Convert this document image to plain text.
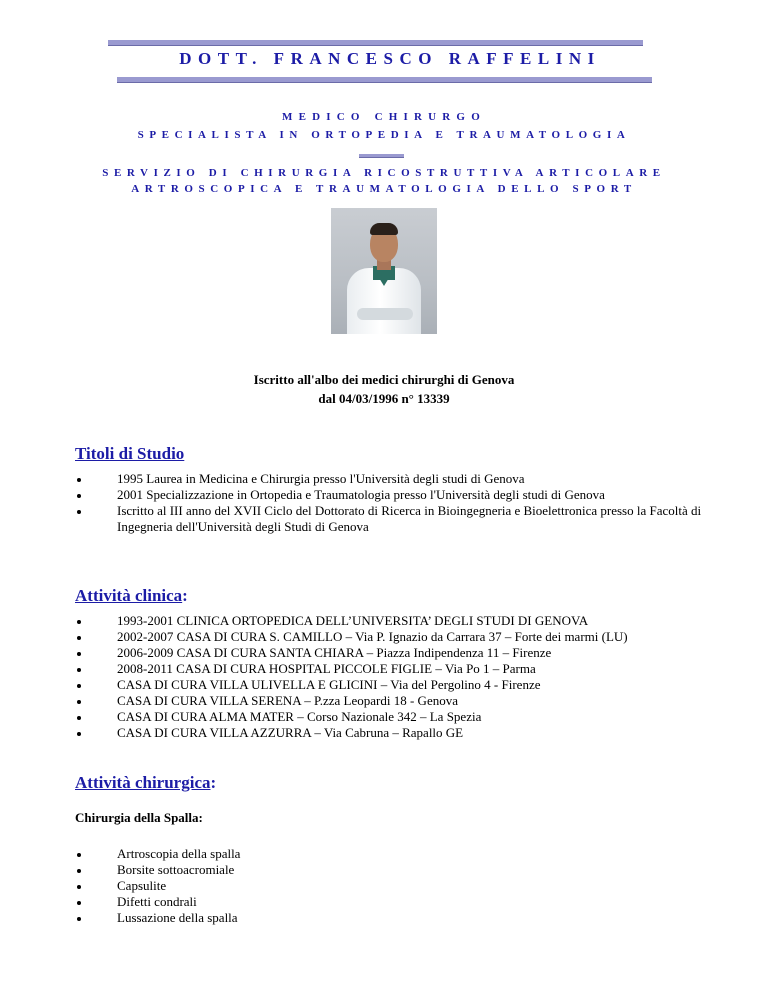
DOTT. FRANCESCO RAFFELINI
MEDICO CHIRURGO
SPECIALISTA IN ORTOPEDIA E TRAUMATOLOGIA
SERVIZIO DI CHIRURGIA RICOSTRUTTIVA ARTICOLARE
ARTROSCOPICA E TRAUMATOLOGIA DELLO SPORT
Iscritto all'albo dei medici chirurghi di Genova
dal 04/03/1996 n° 13339
Titoli di Studio
1995 Laurea in Medicina e Chirurgia presso l'Università degli studi di Genova
2001 Specializzazione in Ortopedia e Traumatologia presso l'Università degli studi di Genova
Iscritto al III anno del XVII Ciclo del Dottorato di Ricerca in Bioingegneria e Bioelettronica presso la Facoltà di Ingegneria dell'Università degli Studi di Genova
Attività clinica:
1993-2001 CLINICA ORTOPEDICA DELL’UNIVERSITA’ DEGLI STUDI DI GENOVA
2002-2007 CASA DI CURA S. CAMILLO – Via P. Ignazio da Carrara 37 – Forte dei marmi (LU)
2006-2009 CASA DI CURA SANTA CHIARA – Piazza Indipendenza 11 – Firenze
2008-2011 CASA DI CURA HOSPITAL PICCOLE FIGLIE – Via Po 1 – Parma
CASA DI CURA VILLA ULIVELLA E GLICINI – Via del Pergolino 4 - Firenze
CASA DI CURA VILLA SERENA – P.zza Leopardi 18 - Genova
CASA DI CURA ALMA MATER – Corso Nazionale 342 – La Spezia
CASA DI CURA VILLA AZZURRA – Via Cabruna – Rapallo GE
Attività chirurgica:
Chirurgia della Spalla:
Artroscopia della spalla
Borsite sottoacromiale
Capsulite
Difetti condrali
Lussazione della spalla
